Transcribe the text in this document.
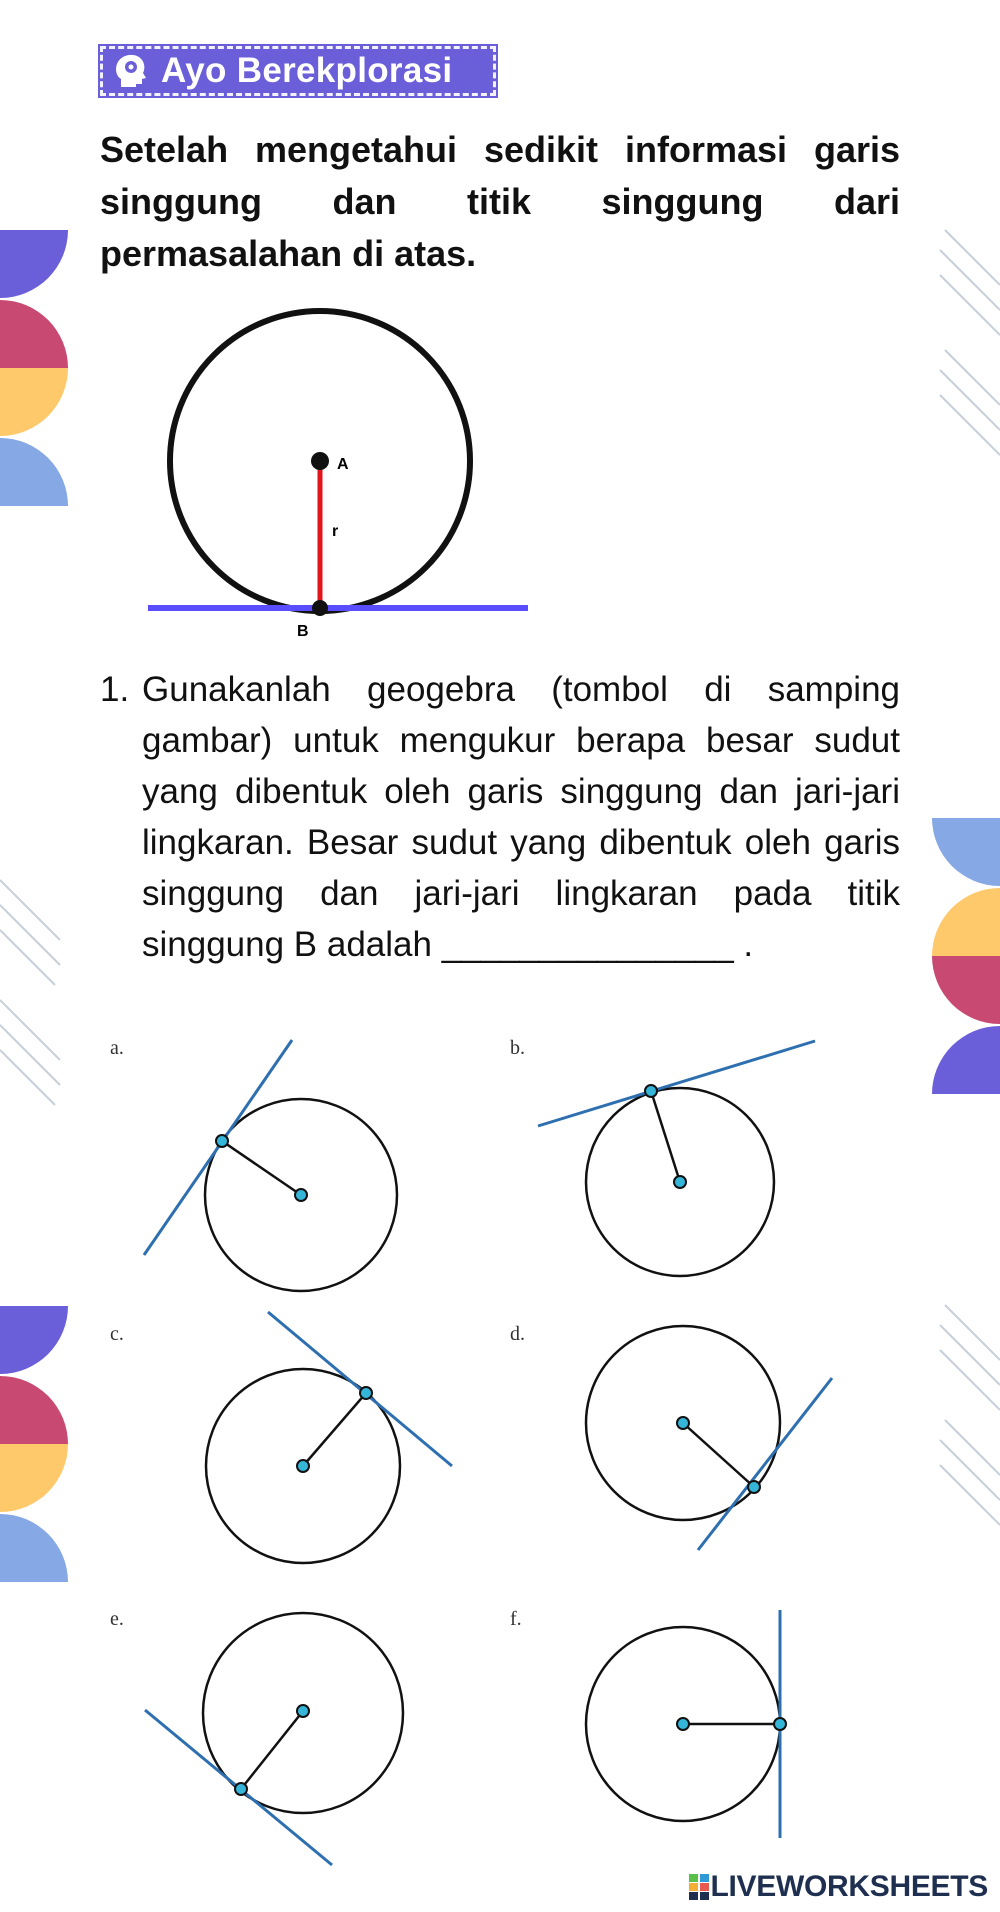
Ayo Berekplorasi
Setelah mengetahui sedikit informasi garis singgung dan titik singgung dari permasalahan di atas.
A
r
B
1. Gunakanlah geogebra (tombol di samping gambar) untuk mengukur berapa besar sudut yang dibentuk oleh garis singgung dan jari-jari lingkaran. Besar sudut yang dibentuk oleh garis singgung dan jari-jari lingkaran pada titik singgung B adalah _______________ .
a.	b.
c.	d.
e.	f.
LIVEWORKSHEETS
